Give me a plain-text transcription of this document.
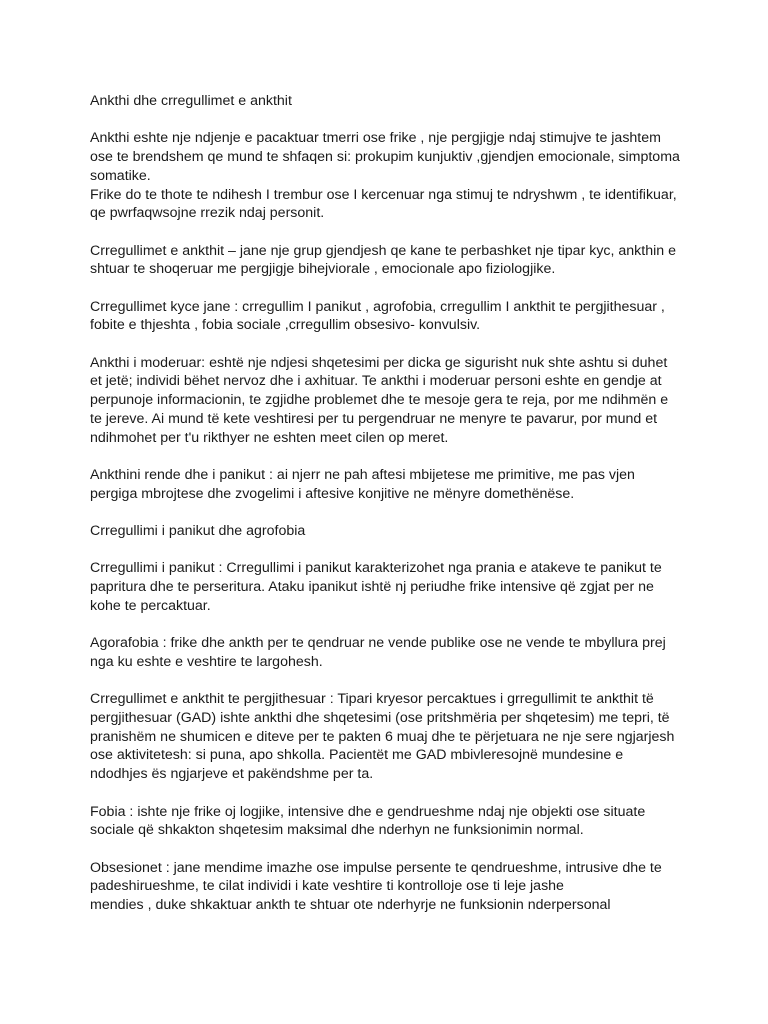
Ankthi dhe crregullimet e ankthit

Ankthi eshte nje ndjenje e pacaktuar tmerri ose frike , nje pergjigje ndaj stimujve te jashtem ose te brendshem qe mund te shfaqen si: prokupim kunjuktiv ,gjendjen emocionale, simptoma somatike.
Frike do te thote te ndihesh I trembur ose I kercenuar nga stimuj te ndryshwm , te identifikuar, qe pwrfaqwsojne rrezik ndaj personit.

Crregullimet e ankthit – jane nje grup gjendjesh qe kane te perbashket nje tipar kyc, ankthin e shtuar te shoqeruar me pergjigje bihejviorale , emocionale apo fiziologjike.

Crregullimet kyce jane : crregullim I panikut , agrofobia, crregullim I ankthit te pergjithesuar , fobite e thjeshta , fobia sociale ,crregullim obsesivo- konvulsiv.

Ankthi i moderuar: eshtë nje ndjesi shqetesimi per dicka ge sigurisht nuk shte ashtu si duhet et jetë; individi bëhet nervoz dhe i axhituar. Te ankthi i moderuar personi eshte en gendje at perpunoje informacionin, te zgjidhe problemet dhe te mesoje gera te reja, por me ndihmën e te jereve. Ai mund të kete veshtiresi per tu pergendruar ne menyre te pavarur, por mund et ndihmohet per t'u rikthyer ne eshten meet cilen op meret.

Ankthini rende dhe i panikut : ai njerr ne pah aftesi mbijetese me primitive, me pas vjen pergiga mbrojtese dhe zvogelimi i aftesive konjitive ne mënyre domethënëse.

Crregullimi i panikut dhe agrofobia

Crregullimi i panikut : Crregullimi i panikut karakterizohet nga prania e atakeve te panikut te papritura dhe te perseritura. Ataku ipanikut ishtë nj periudhe frike intensive që zgjat per ne kohe te percaktuar.

Agorafobia : frike dhe ankth per te qendruar ne vende publike ose ne vende te mbyllura prej nga ku eshte e veshtire te largohesh.

Crregullimet e ankthit te pergjithesuar : Tipari kryesor percaktues i grregullimit te ankthit të pergjithesuar (GAD) ishte ankthi dhe shqetesimi (ose pritshmëria per shqetesim) me tepri, të pranishëm ne shumicen e diteve per te pakten 6 muaj dhe te përjetuara ne nje sere ngjarjesh ose aktivitetesh: si puna, apo shkolla. Pacientët me GAD mbivleresojnë mundesine e ndodhjes ës ngjarjeve et pakëndshme per ta.

Fobia : ishte nje frike oj logjike, intensive dhe e gendrueshme ndaj nje objekti ose situate sociale që shkakton shqetesim maksimal dhe nderhyn ne funksionimin normal.

Obsesionet : jane mendime imazhe ose impulse persente te qendrueshme, intrusive dhe te padeshirueshme, te cilat individi i kate veshtire ti kontrolloje ose ti leje jashe
mendies , duke shkaktuar ankth te shtuar ote nderhyrje ne funksionin nderpersonal
